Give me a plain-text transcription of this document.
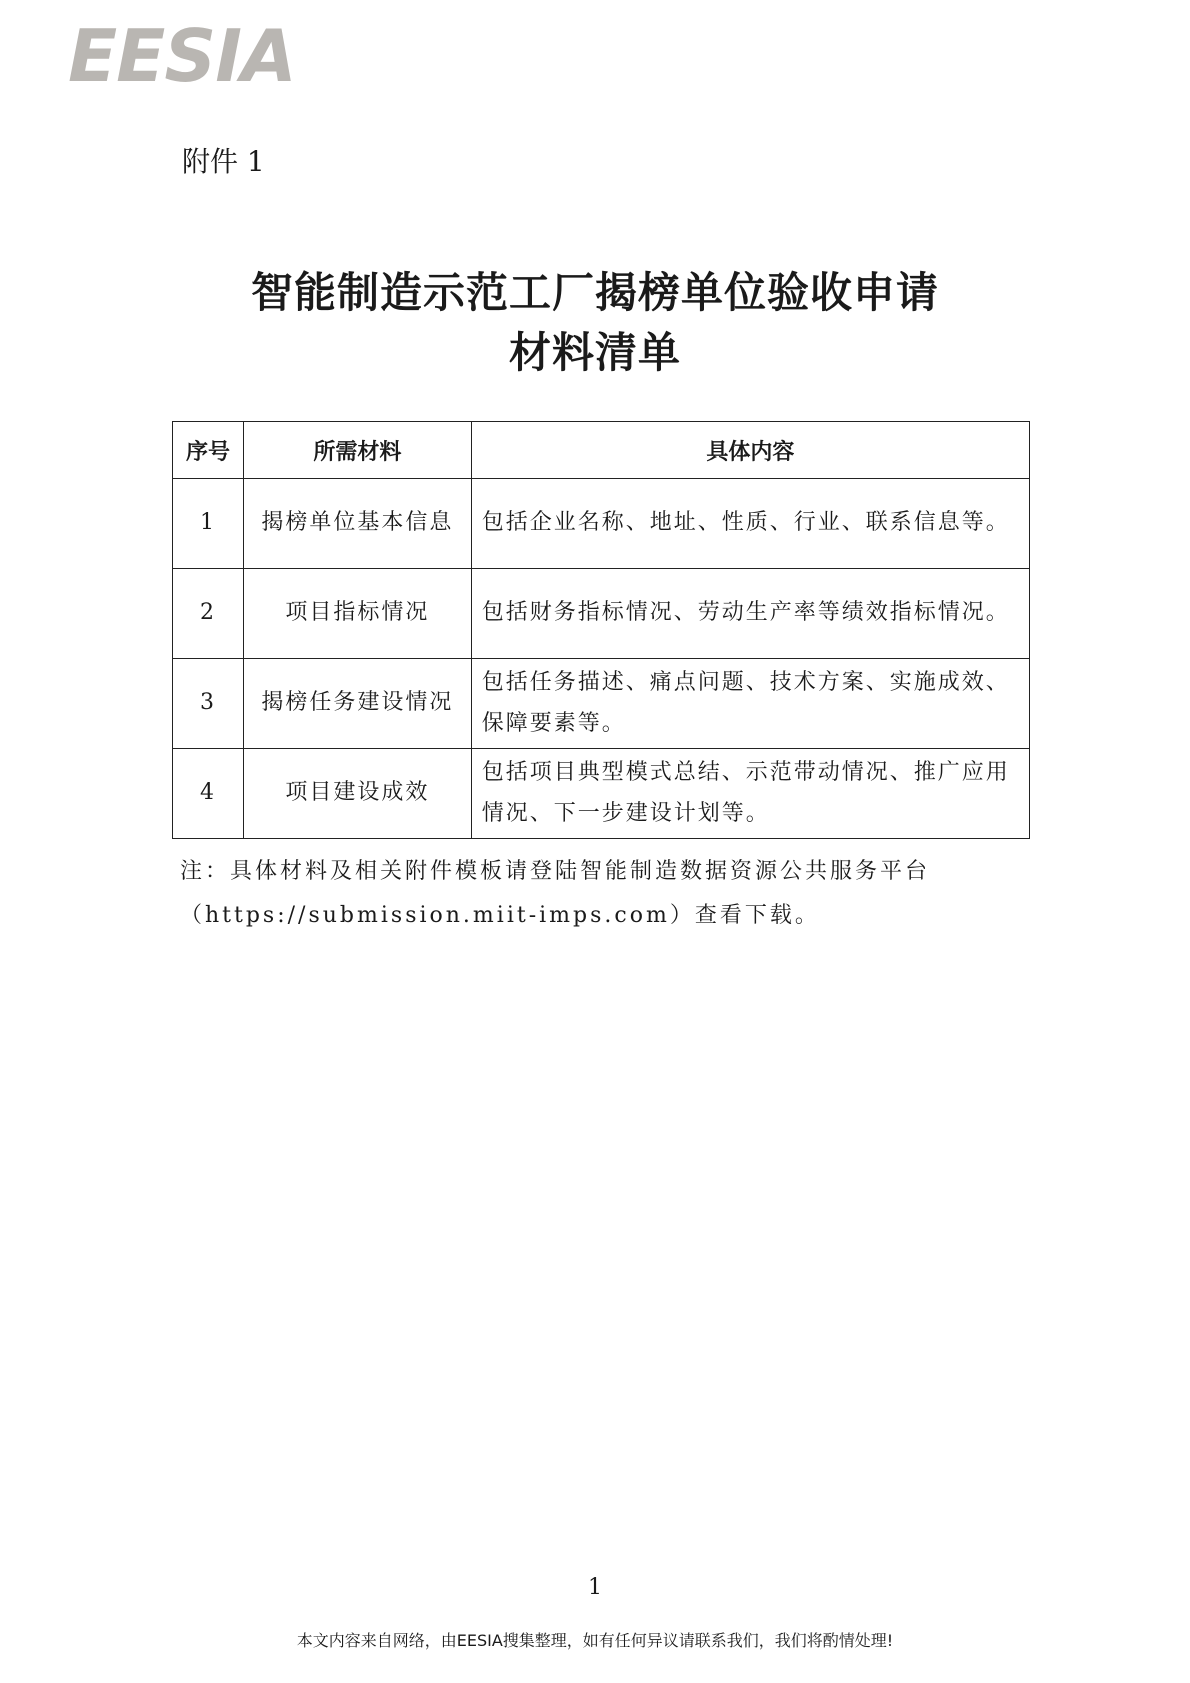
EESIA
附件 1
智能制造示范工厂揭榜单位验收申请
材料清单
序号	所需材料	具体内容
1	揭榜单位基本信息	包括企业名称、地址、性质、行业、联系信息等。
2	项目指标情况	包括财务指标情况、劳动生产率等绩效指标情况。
3	揭榜任务建设情况	包括任务描述、痛点问题、技术方案、实施成效、保障要素等。
4	项目建设成效	包括项目典型模式总结、示范带动情况、推广应用情况、下一步建设计划等。
注：具体材料及相关附件模板请登陆智能制造数据资源公共服务平台（https://submission.miit-imps.com）查看下载。
1
本文内容来自网络，由EESIA搜集整理，如有任何异议请联系我们，我们将酌情处理!
